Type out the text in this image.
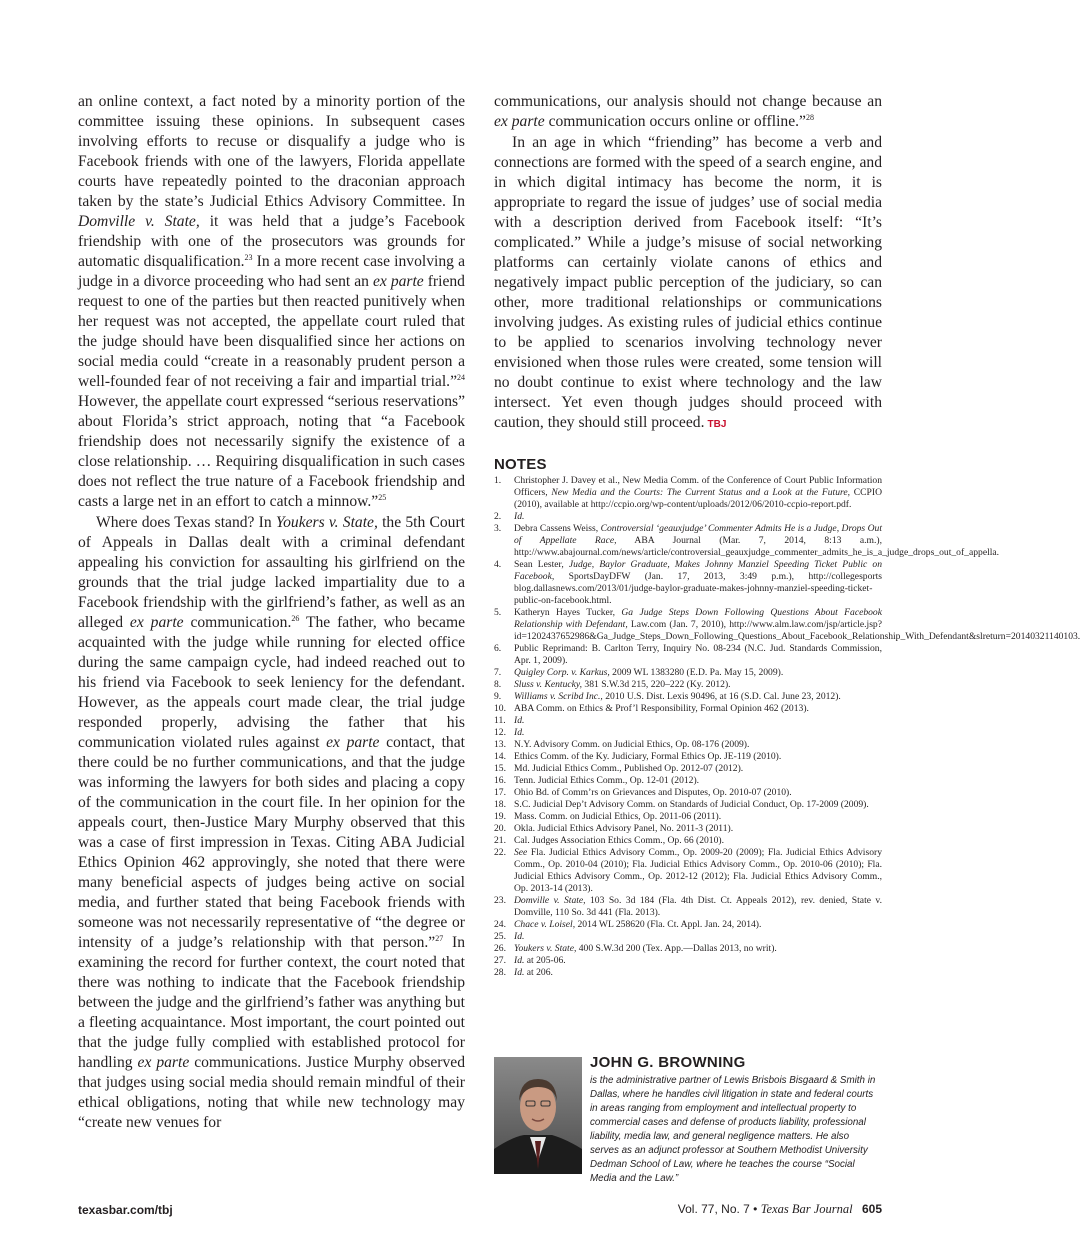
an online context, a fact noted by a minority portion of the committee issuing these opinions. In subsequent cases involving efforts to recuse or disqualify a judge who is Facebook friends with one of the lawyers, Florida appellate courts have repeatedly pointed to the draconian approach taken by the state’s Judicial Ethics Advisory Committee. In Domville v. State, it was held that a judge’s Facebook friendship with one of the prosecutors was grounds for automatic disqualification.$^{23}$ In a more recent case involving a judge in a divorce proceeding who had sent an ex parte friend request to one of the parties but then reacted punitively when her request was not accepted, the appellate court ruled that the judge should have been disqualified since her actions on social media could “create in a reasonably prudent person a well-founded fear of not receiving a fair and impartial trial.”$^{24}$ However, the appellate court expressed “serious reservations” about Florida’s strict approach, noting that “a Facebook friendship does not necessarily signify the existence of a close relationship. … Requiring disqualification in such cases does not reflect the true nature of a Facebook friendship and casts a large net in an effort to catch a minnow.”$^{25}$

Where does Texas stand? In Youkers v. State, the 5th Court of Appeals in Dallas dealt with a criminal defendant appealing his conviction for assaulting his girlfriend on the grounds that the trial judge lacked impartiality due to a Facebook friendship with the girlfriend’s father, as well as an alleged ex parte communication.$^{26}$ The father, who became acquainted with the judge while running for elected office during the same campaign cycle, had indeed reached out to his friend via Facebook to seek leniency for the defendant. However, as the appeals court made clear, the trial judge responded properly, advising the father that his communication violated rules against ex parte contact, that there could be no further communications, and that the judge was informing the lawyers for both sides and placing a copy of the communication in the court file. In her opinion for the appeals court, then-Justice Mary Murphy observed that this was a case of first impression in Texas. Citing ABA Judicial Ethics Opinion 462 approvingly, she noted that there were many beneficial aspects of judges being active on social media, and further stated that being Facebook friends with someone was not necessarily representative of “the degree or intensity of a judge’s relationship with that person.”$^{27}$ In examining the record for further context, the court noted that there was nothing to indicate that the Facebook friendship between the judge and the girlfriend’s father was anything but a fleeting acquaintance. Most important, the court pointed out that the judge fully complied with established protocol for handling ex parte communications. Justice Murphy observed that judges using social media should remain mindful of their ethical obligations, noting that while new technology may “create new venues for

communications, our analysis should not change because an ex parte communication occurs online or offline.”$^{28}$

In an age in which “friending” has become a verb and connections are formed with the speed of a search engine, and in which digital intimacy has become the norm, it is appropriate to regard the issue of judges’ use of social media with a description derived from Facebook itself: “It’s complicated.” While a judge’s misuse of social networking platforms can certainly violate canons of ethics and negatively impact public perception of the judiciary, so can other, more traditional relationships or communications involving judges. As existing rules of judicial ethics continue to be applied to scenarios involving technology never envisioned when those rules were created, some tension will no doubt continue to exist where technology and the law intersect. Yet even though judges should proceed with caution, they should still proceed. TBJ

NOTES
1.	Christopher J. Davey et al., New Media Comm. of the Conference of Court Public Information Officers, New Media and the Courts: The Current Status and a Look at the Future, CCPIO (2010), available at http://ccpio.org/wp-content/uploads/2012/06/2010-ccpio-report.pdf.
2.	Id.
3.	Debra Cassens Weiss, Controversial ‘geauxjudge’ Commenter Admits He is a Judge, Drops Out of Appellate Race, ABA Journal (Mar. 7, 2014, 8:13 a.m.), http://www.abajournal.com/news/article/controversial_geauxjudge_commenter_admits_he_is_a_judge_drops_out_of_appella.
4.	Sean Lester, Judge, Baylor Graduate, Makes Johnny Manziel Speeding Ticket Public on Facebook, SportsDayDFW (Jan. 17, 2013, 3:49 p.m.), http://collegesports blog.dallasnews.com/2013/01/judge-baylor-graduate-makes-johnny-manziel-speeding-ticket-public-on-facebook.html.
5.	Katheryn Hayes Tucker, Ga Judge Steps Down Following Questions About Facebook Relationship with Defendant, Law.com (Jan. 7, 2010), http://www.alm.law.com/jsp/article.jsp?id=1202437652986&Ga_Judge_Steps_Down_Following_Questions_About_Facebook_Relationship_With_Defendant&slreturn=20140321140103.
6.	Public Reprimand: B. Carlton Terry, Inquiry No. 08-234 (N.C. Jud. Standards Commission, Apr. 1, 2009).
7.	Quigley Corp. v. Karkus, 2009 WL 1383280 (E.D. Pa. May 15, 2009).
8.	Sluss v. Kentucky, 381 S.W.3d 215, 220–222 (Ky. 2012).
9.	Williams v. Scribd Inc., 2010 U.S. Dist. Lexis 90496, at 16 (S.D. Cal. June 23, 2012).
10. ABA Comm. on Ethics & Prof’l Responsibility, Formal Opinion 462 (2013).
11. Id.
12. Id.
13. N.Y. Advisory Comm. on Judicial Ethics, Op. 08-176 (2009).
14. Ethics Comm. of the Ky. Judiciary, Formal Ethics Op. JE-119 (2010).
15. Md. Judicial Ethics Comm., Published Op. 2012-07 (2012).
16. Tenn. Judicial Ethics Comm., Op. 12-01 (2012).
17. Ohio Bd. of Comm’rs on Grievances and Disputes, Op. 2010-07 (2010).
18. S.C. Judicial Dep’t Advisory Comm. on Standards of Judicial Conduct, Op. 17-2009 (2009).
19. Mass. Comm. on Judicial Ethics, Op. 2011-06 (2011).
20. Okla. Judicial Ethics Advisory Panel, No. 2011-3 (2011).
21. Cal. Judges Association Ethics Comm., Op. 66 (2010).
22. See Fla. Judicial Ethics Advisory Comm., Op. 2009-20 (2009); Fla. Judicial Ethics Advisory Comm., Op. 2010-04 (2010); Fla. Judicial Ethics Advisory Comm., Op. 2010-06 (2010); Fla. Judicial Ethics Advisory Comm., Op. 2012-12 (2012); Fla. Judicial Ethics Advisory Comm., Op. 2013-14 (2013).
23. Domville v. State, 103 So. 3d 184 (Fla. 4th Dist. Ct. Appeals 2012), rev. denied, State v. Domville, 110 So. 3d 441 (Fla. 2013).
24. Chace v. Loisel, 2014 WL 258620 (Fla. Ct. Appl. Jan. 24, 2014).
25. Id.
26. Youkers v. State, 400 S.W.3d 200 (Tex. App.—Dallas 2013, no writ).
27. Id. at 205-06.
28. Id. at 206.
JOHN G. BROWNING
is the administrative partner of Lewis Brisbois Bisgaard & Smith in Dallas, where he handles civil litigation in state and federal courts in areas ranging from employment and intellectual property to commercial cases and defense of products liability, professional liability, media law, and general negligence matters. He also serves as an adjunct professor at Southern Methodist University Dedman School of Law, where he teaches the course “Social Media and the Law.”
texasbar.com/tbj	Vol. 77, No. 7 • Texas Bar Journal 605
